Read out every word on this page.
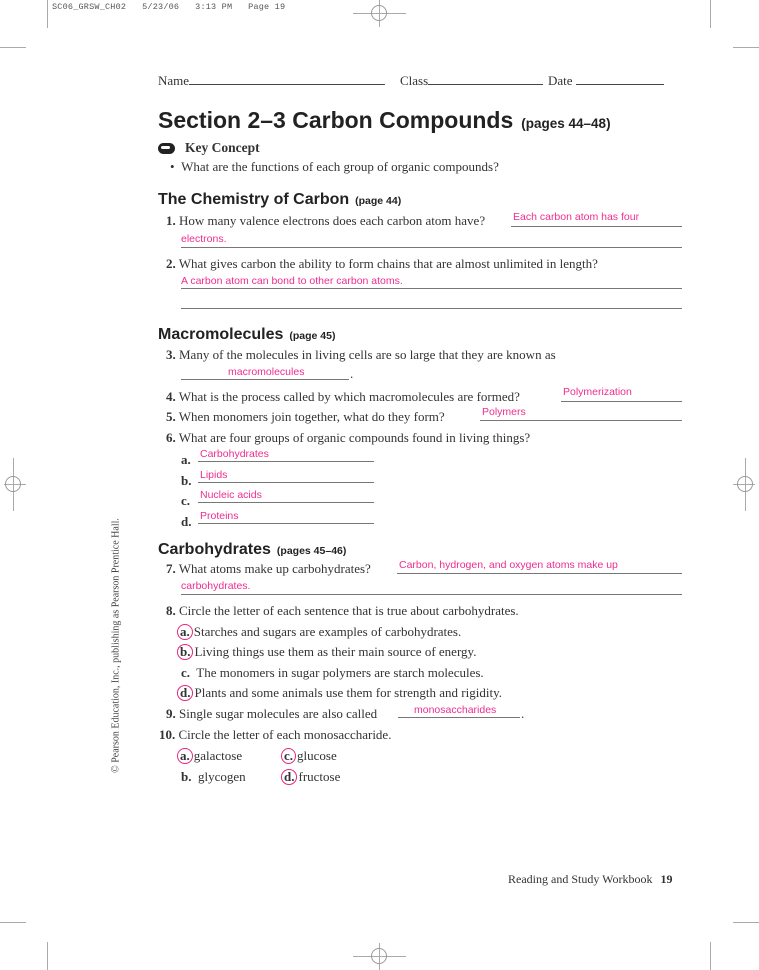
SC06_GRSW_CH02 5/23/06 3:13 PM Page 19
Name	Class	Date
Section 2–3 Carbon Compounds (pages 44–48)
Key Concept
•  What are the functions of each group of organic compounds?
The Chemistry of Carbon (page 44)
1. How many valence electrons does each carbon atom have?	Each carbon atom has four
electrons.
2. What gives carbon the ability to form chains that are almost unlimited in length?
A carbon atom can bond to other carbon atoms.
Macromolecules (page 45)
3. Many of the molecules in living cells are so large that they are known as
macromolecules	.
4. What is the process called by which macromolecules are formed?	Polymerization
5. When monomers join together, what do they form?	Polymers
6. What are four groups of organic compounds found in living things?
a. Carbohydrates
b. Lipids
c. Nucleic acids
d. Proteins
Carbohydrates (pages 45–46)
7. What atoms make up carbohydrates?	Carbon, hydrogen, and oxygen atoms make up
carbohydrates.
8. Circle the letter of each sentence that is true about carbohydrates.
a. Starches and sugars are examples of carbohydrates.
b. Living things use them as their main source of energy.
c. The monomers in sugar polymers are starch molecules.
d. Plants and some animals use them for strength and rigidity.
9. Single sugar molecules are also called	monosaccharides .
10. Circle the letter of each monosaccharide.
a. galactose
b. glycogen
c. glucose
d. fructose
© Pearson Education, Inc., publishing as Pearson Prentice Hall.
Reading and Study Workbook 19
